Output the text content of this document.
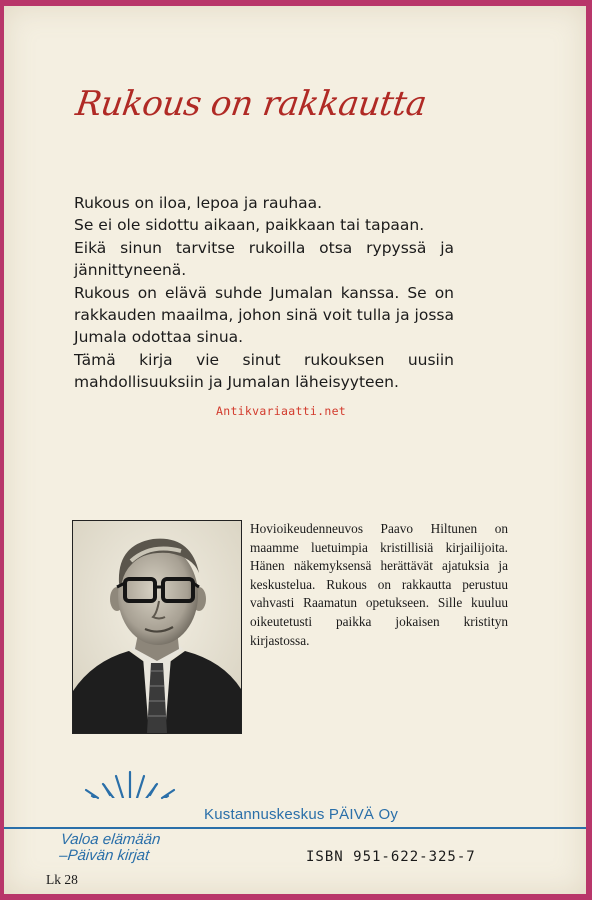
Rukous on rakkautta

Rukous on iloa, lepoa ja rauhaa.

Se ei ole sidottu aikaan, paikkaan tai tapaan.

Eikä sinun tarvitse rukoilla otsa rypyssä ja jännittyneenä.

Rukous on elävä suhde Jumalan kanssa. Se on rakkauden maailma, johon sinä voit tulla ja jossa Jumala odottaa sinua.

Tämä kirja vie sinut rukouksen uusiin mahdollisuuksiin ja Jumalan läheisyyteen.

Antikvariaatti.net

Hovioikeudenneuvos Paavo Hiltunen on maamme luetuimpia kristillisiä kirjailijoita. Hänen näkemyksensä herättävät ajatuksia ja keskustelua. Rukous on rakkautta perustuu vahvasti Raamatun opetukseen. Sille kuuluu oikeutetusti paikka jokaisen kristityn kirjastossa.

Kustannuskeskus PÄIVÄ Oy
Valoa elämään
–Päivän kirjat	ISBN 951-622-325-7
Lk 28
